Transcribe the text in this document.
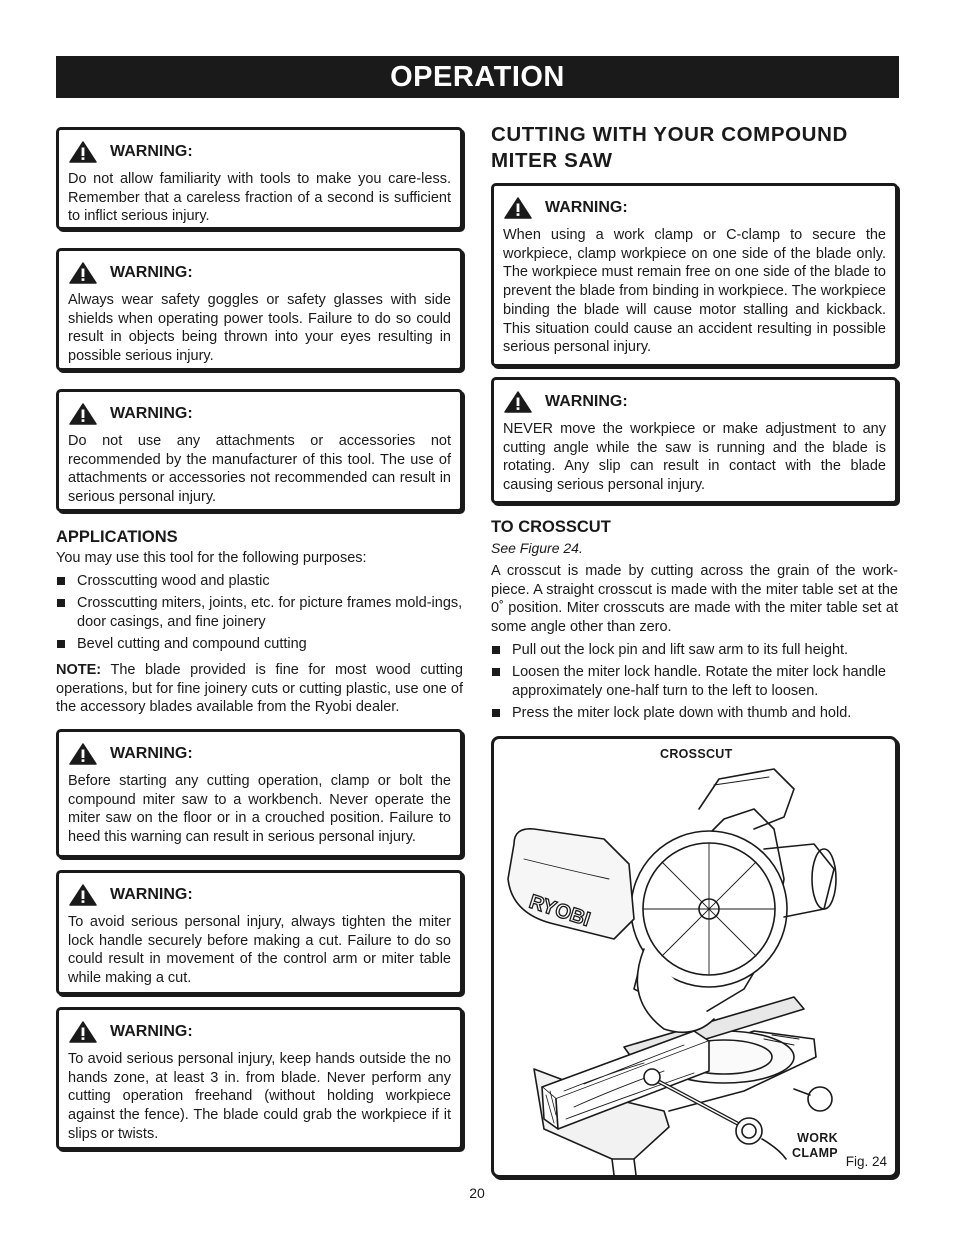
OPERATION
WARNING:
Do not allow familiarity with tools to make you care-less. Remember that a careless fraction of a second is sufficient to inflict serious injury.
WARNING:
Always wear safety goggles or safety glasses with side shields when operating power tools. Failure to do so could result in objects being thrown into your eyes resulting in possible serious injury.
WARNING:
Do not use any attachments or accessories not recommended by the manufacturer of this tool. The use of attachments or accessories not recommended can result in serious personal injury.
APPLICATIONS
You may use this tool for the following purposes:
Crosscutting wood and plastic
Crosscutting miters, joints, etc. for picture frames mold-ings, door casings, and fine joinery
Bevel cutting and compound cutting
NOTE: The blade provided is fine for most wood cutting operations, but for fine joinery cuts or cutting plastic, use one of the accessory blades available from the Ryobi dealer.
WARNING:
Before starting any cutting operation, clamp or bolt the compound miter saw to a workbench. Never operate the miter saw on the floor or in a crouched position. Failure to heed this warning can result in serious personal injury.
WARNING:
To avoid serious personal injury, always tighten the miter lock handle securely before making a cut. Failure to do so could result in movement of the control arm or miter table while making a cut.
WARNING:
To avoid serious personal injury, keep hands outside the no hands zone, at least 3 in. from blade. Never perform any cutting operation freehand (without holding workpiece against the fence). The blade could grab the workpiece if it slips or twists.
CUTTING WITH YOUR COMPOUND MITER SAW
WARNING:
When using a work clamp or C-clamp to secure the workpiece, clamp workpiece on one side of the blade only. The workpiece must remain free on one side of the blade to prevent the blade from binding in workpiece. The workpiece binding the blade will cause motor stalling and kickback. This situation could cause an accident resulting in possible serious personal injury.
WARNING:
NEVER move the workpiece or make adjustment to any cutting angle while the saw is running and the blade is rotating. Any slip can result in contact with the blade causing serious personal injury.
TO CROSSCUT
See Figure 24.
A crosscut is made by cutting across the grain of the work-piece. A straight crosscut is made with the miter table set at the 0˚ position. Miter crosscuts are made with the miter table set at some angle other than zero.
Pull out the lock pin and lift saw arm to its full height.
Loosen the miter lock handle. Rotate the miter lock handle approximately one-half turn to the left to loosen.
Press the miter lock plate down with thumb and hold.
CROSSCUT
RYOBI
WORK
CLAMP
Fig. 24
20
